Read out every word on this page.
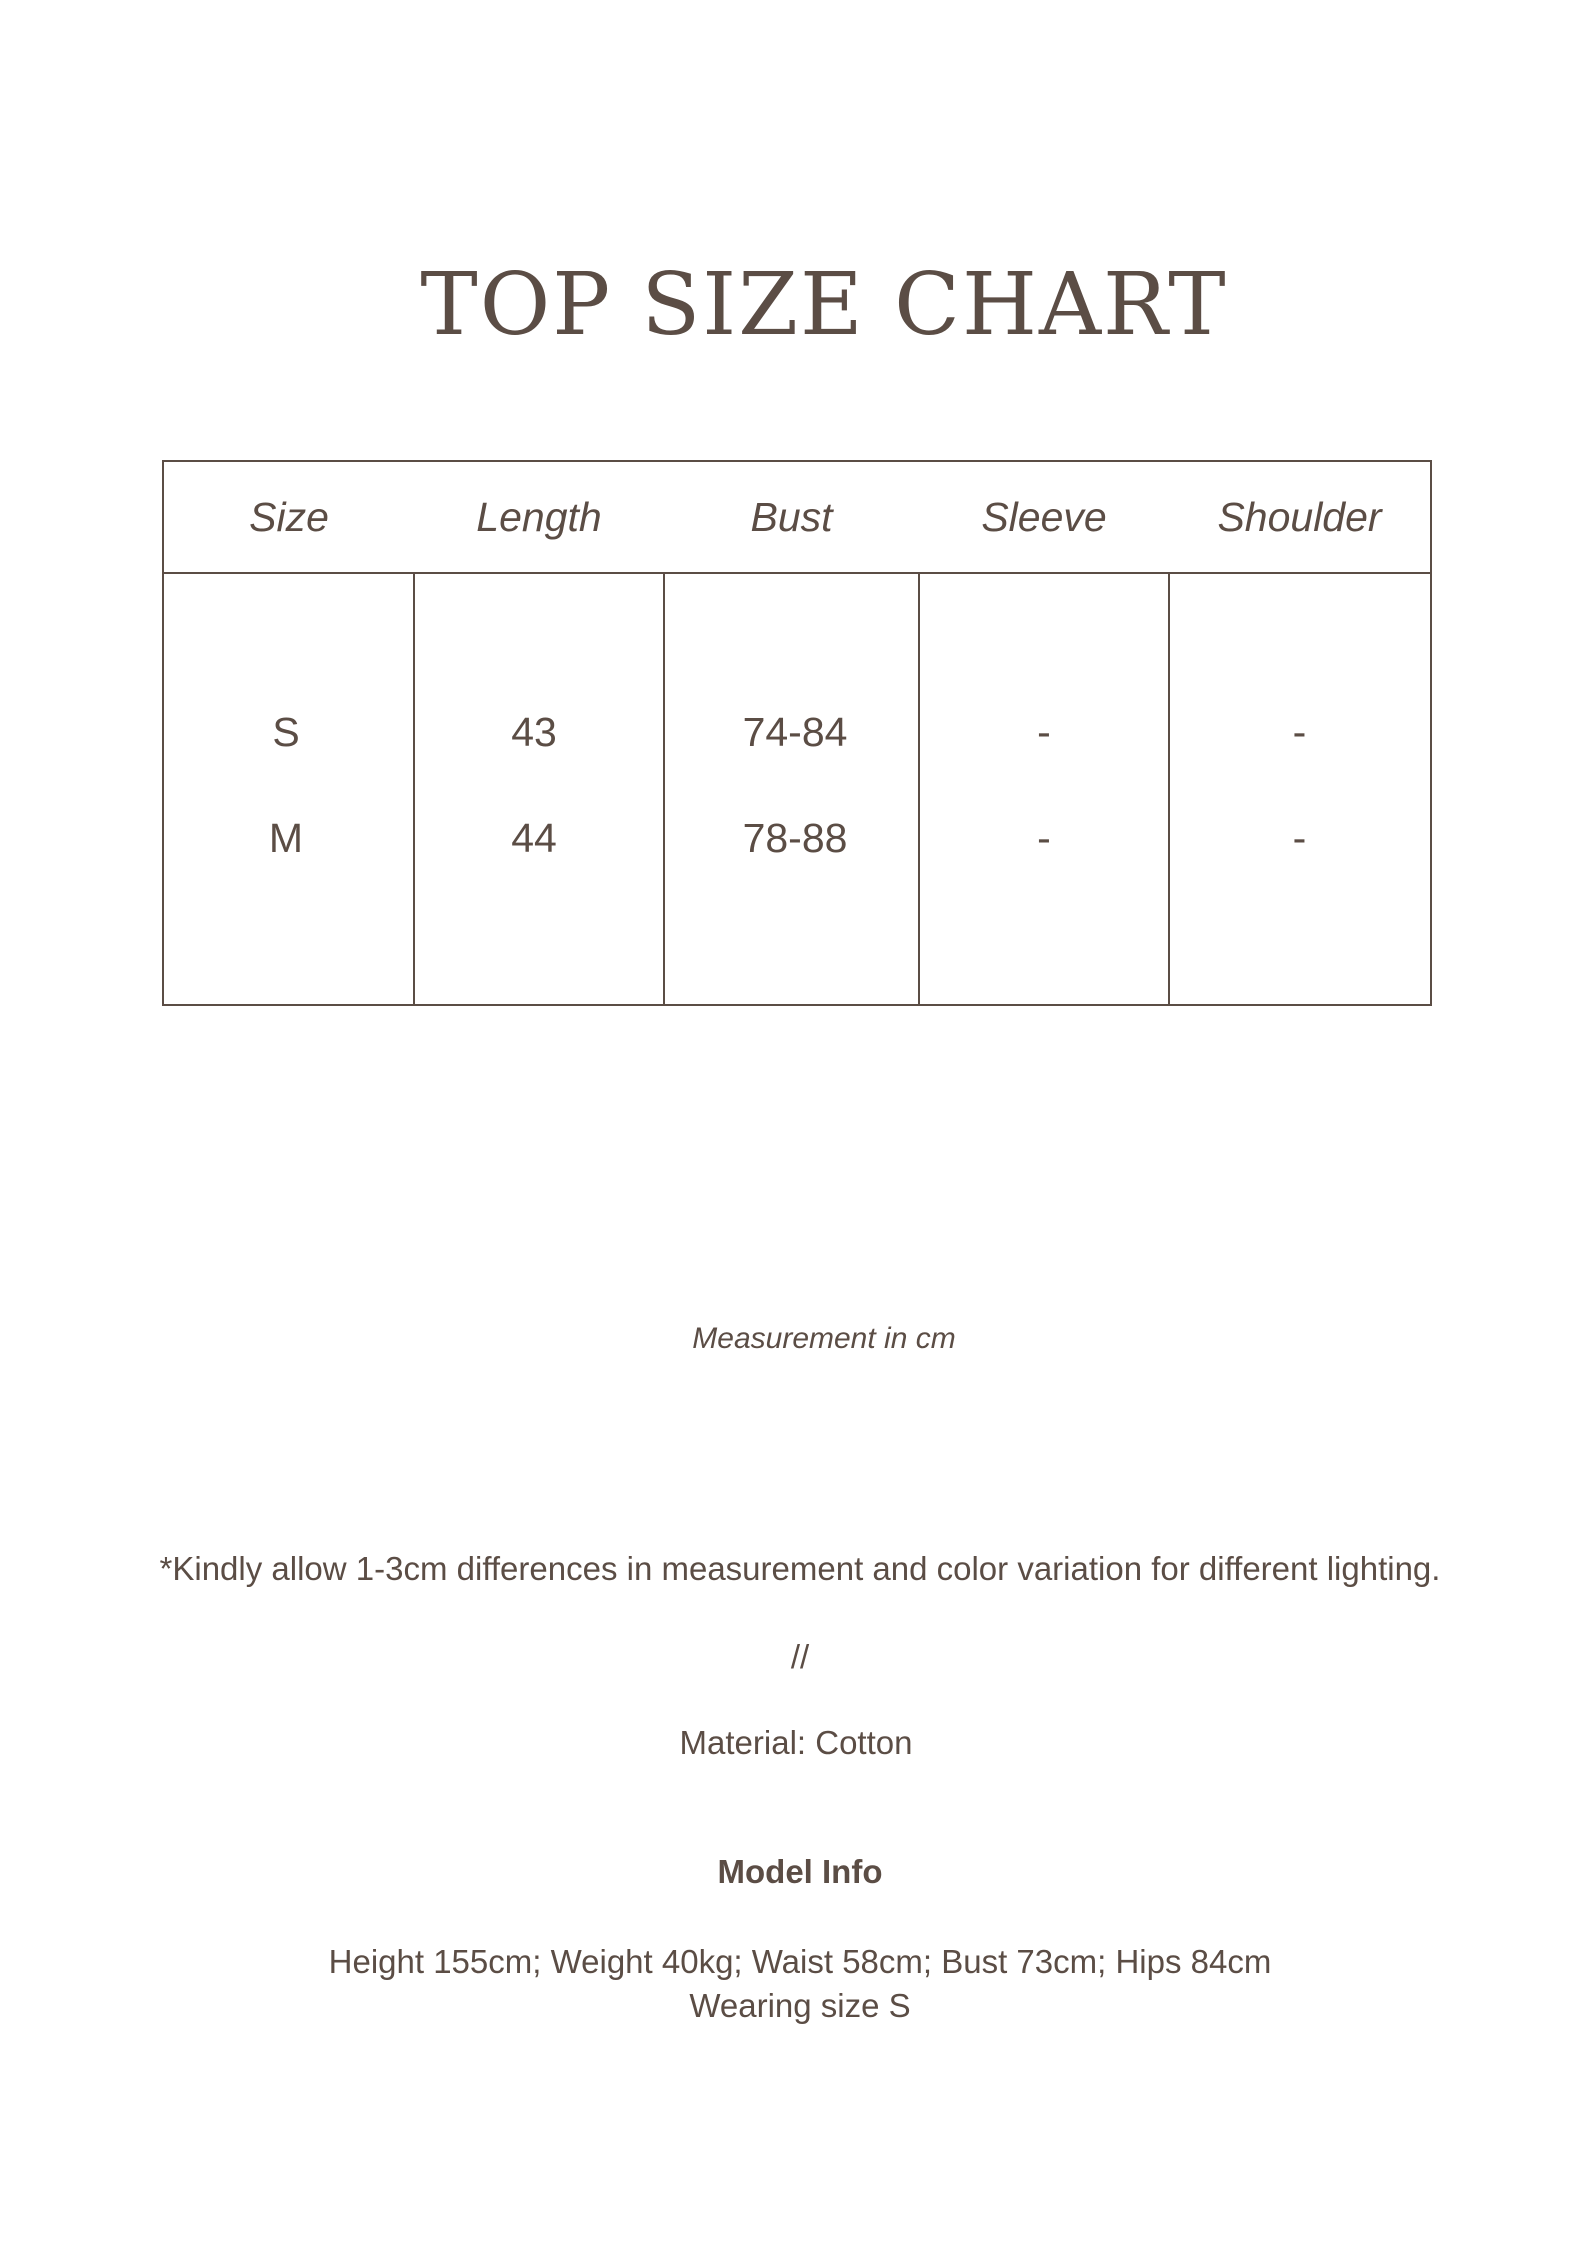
TOP SIZE CHART
Size	Length	Bust	Sleeve	Shoulder
S	43	74-84	-	-
M	44	78-88	-	-

Measurement in cm

*Kindly allow 1-3cm differences in measurement and color variation for different lighting.

//

Material: Cotton

Model Info

Height 155cm; Weight 40kg; Waist 58cm; Bust 73cm; Hips 84cm

Wearing size S
